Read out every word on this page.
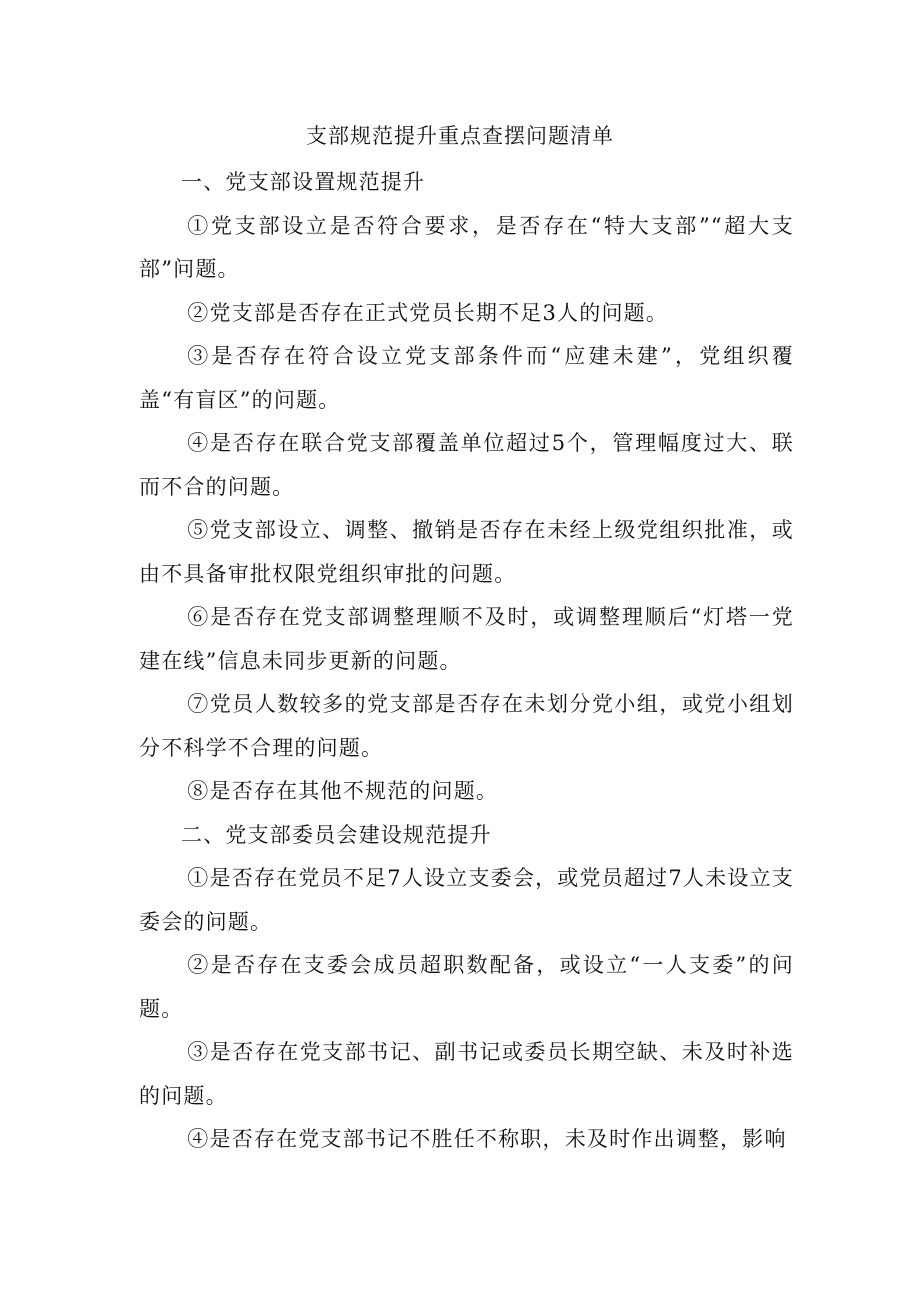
支部规范提升重点查摆问题清单

一、党支部设置规范提升

①党支部设立是否符合要求，是否存在“特大支部”“超大支部”问题。

②党支部是否存在正式党员长期不足3人的问题。

③是否存在符合设立党支部条件而“应建未建”，党组织覆盖“有盲区”的问题。

④是否存在联合党支部覆盖单位超过5个，管理幅度过大、联而不合的问题。

⑤党支部设立、调整、撤销是否存在未经上级党组织批准，或由不具备审批权限党组织审批的问题。

⑥是否存在党支部调整理顺不及时，或调整理顺后“灯塔一党建在线”信息未同步更新的问题。

⑦党员人数较多的党支部是否存在未划分党小组，或党小组划分不科学不合理的问题。

⑧是否存在其他不规范的问题。

二、党支部委员会建设规范提升

①是否存在党员不足7人设立支委会，或党员超过7人未设立支委会的问题。

②是否存在支委会成员超职数配备，或设立“一人支委”的问题。

③是否存在党支部书记、副书记或委员长期空缺、未及时补选的问题。

④是否存在党支部书记不胜任不称职，未及时作出调整，影响
